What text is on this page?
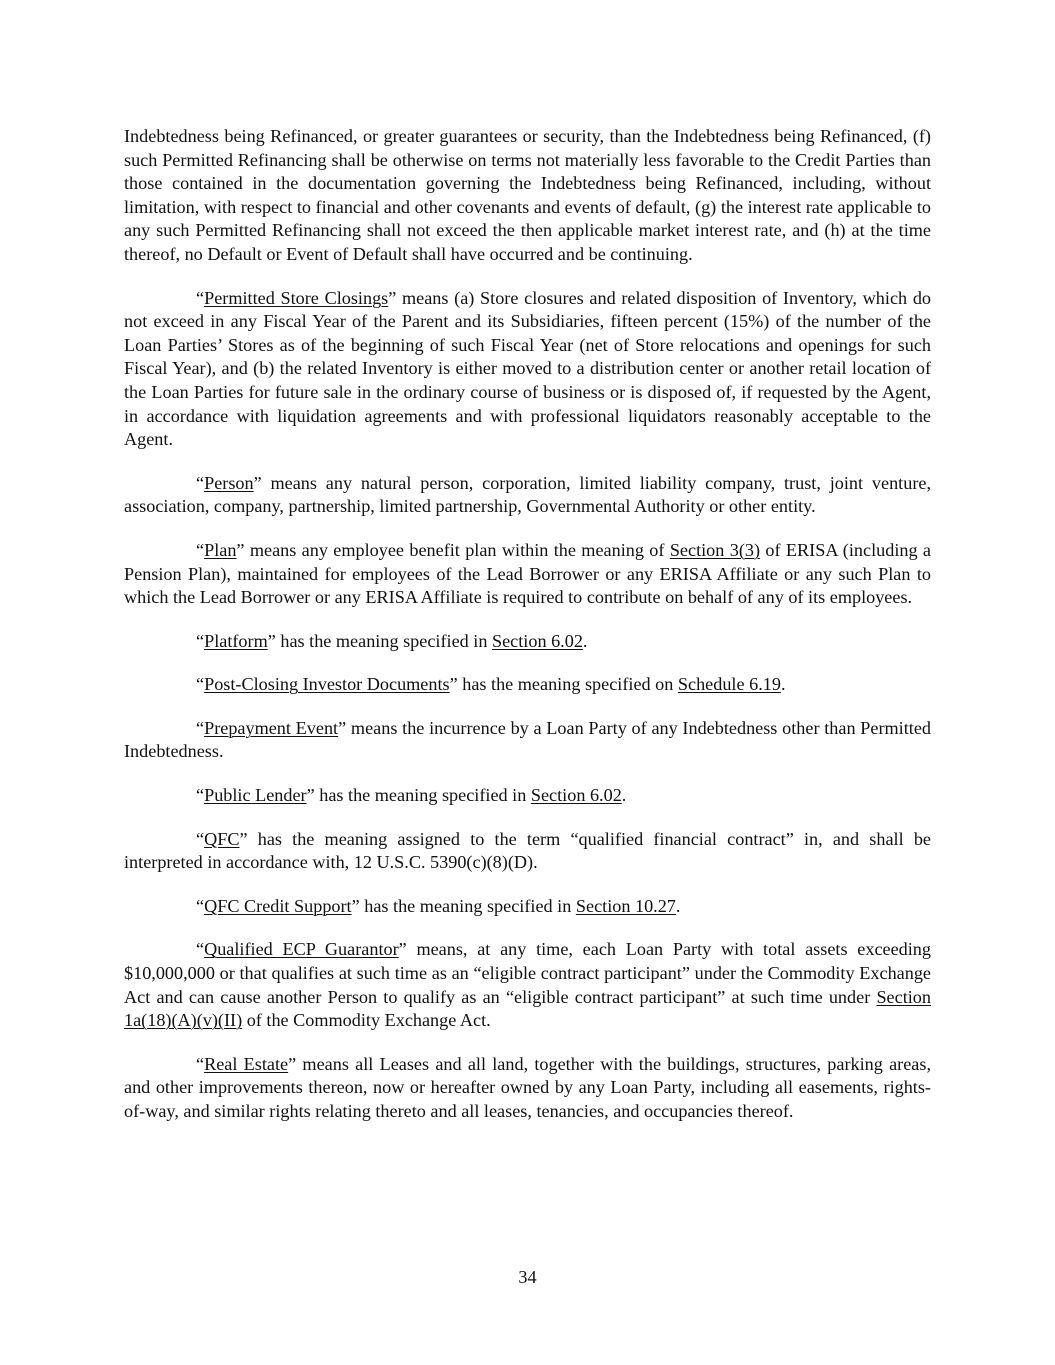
Indebtedness being Refinanced, or greater guarantees or security, than the Indebtedness being Refinanced, (f) such Permitted Refinancing shall be otherwise on terms not materially less favorable to the Credit Parties than those contained in the documentation governing the Indebtedness being Refinanced, including, without limitation, with respect to financial and other covenants and events of default, (g) the interest rate applicable to any such Permitted Refinancing shall not exceed the then applicable market interest rate, and (h) at the time thereof, no Default or Event of Default shall have occurred and be continuing.

“Permitted Store Closings” means (a) Store closures and related disposition of Inventory, which do not exceed in any Fiscal Year of the Parent and its Subsidiaries, fifteen percent (15%) of the number of the Loan Parties’ Stores as of the beginning of such Fiscal Year (net of Store relocations and openings for such Fiscal Year), and (b) the related Inventory is either moved to a distribution center or another retail location of the Loan Parties for future sale in the ordinary course of business or is disposed of, if requested by the Agent, in accordance with liquidation agreements and with professional liquidators reasonably acceptable to the Agent.

“Person” means any natural person, corporation, limited liability company, trust, joint venture, association, company, partnership, limited partnership, Governmental Authority or other entity.

“Plan” means any employee benefit plan within the meaning of Section 3(3) of ERISA (including a Pension Plan), maintained for employees of the Lead Borrower or any ERISA Affiliate or any such Plan to which the Lead Borrower or any ERISA Affiliate is required to contribute on behalf of any of its employees.

“Platform” has the meaning specified in Section 6.02.

“Post-Closing Investor Documents” has the meaning specified on Schedule 6.19.

“Prepayment Event” means the incurrence by a Loan Party of any Indebtedness other than Permitted Indebtedness.

“Public Lender” has the meaning specified in Section 6.02.

“QFC” has the meaning assigned to the term “qualified financial contract” in, and shall be interpreted in accordance with, 12 U.S.C. 5390(c)(8)(D).

“QFC Credit Support” has the meaning specified in Section 10.27.

“Qualified ECP Guarantor” means, at any time, each Loan Party with total assets exceeding $10,000,000 or that qualifies at such time as an “eligible contract participant” under the Commodity Exchange Act and can cause another Person to qualify as an “eligible contract participant” at such time under Section 1a(18)(A)(v)(II) of the Commodity Exchange Act.

“Real Estate” means all Leases and all land, together with the buildings, structures, parking areas, and other improvements thereon, now or hereafter owned by any Loan Party, including all easements, rights-of-way, and similar rights relating thereto and all leases, tenancies, and occupancies thereof.

34
